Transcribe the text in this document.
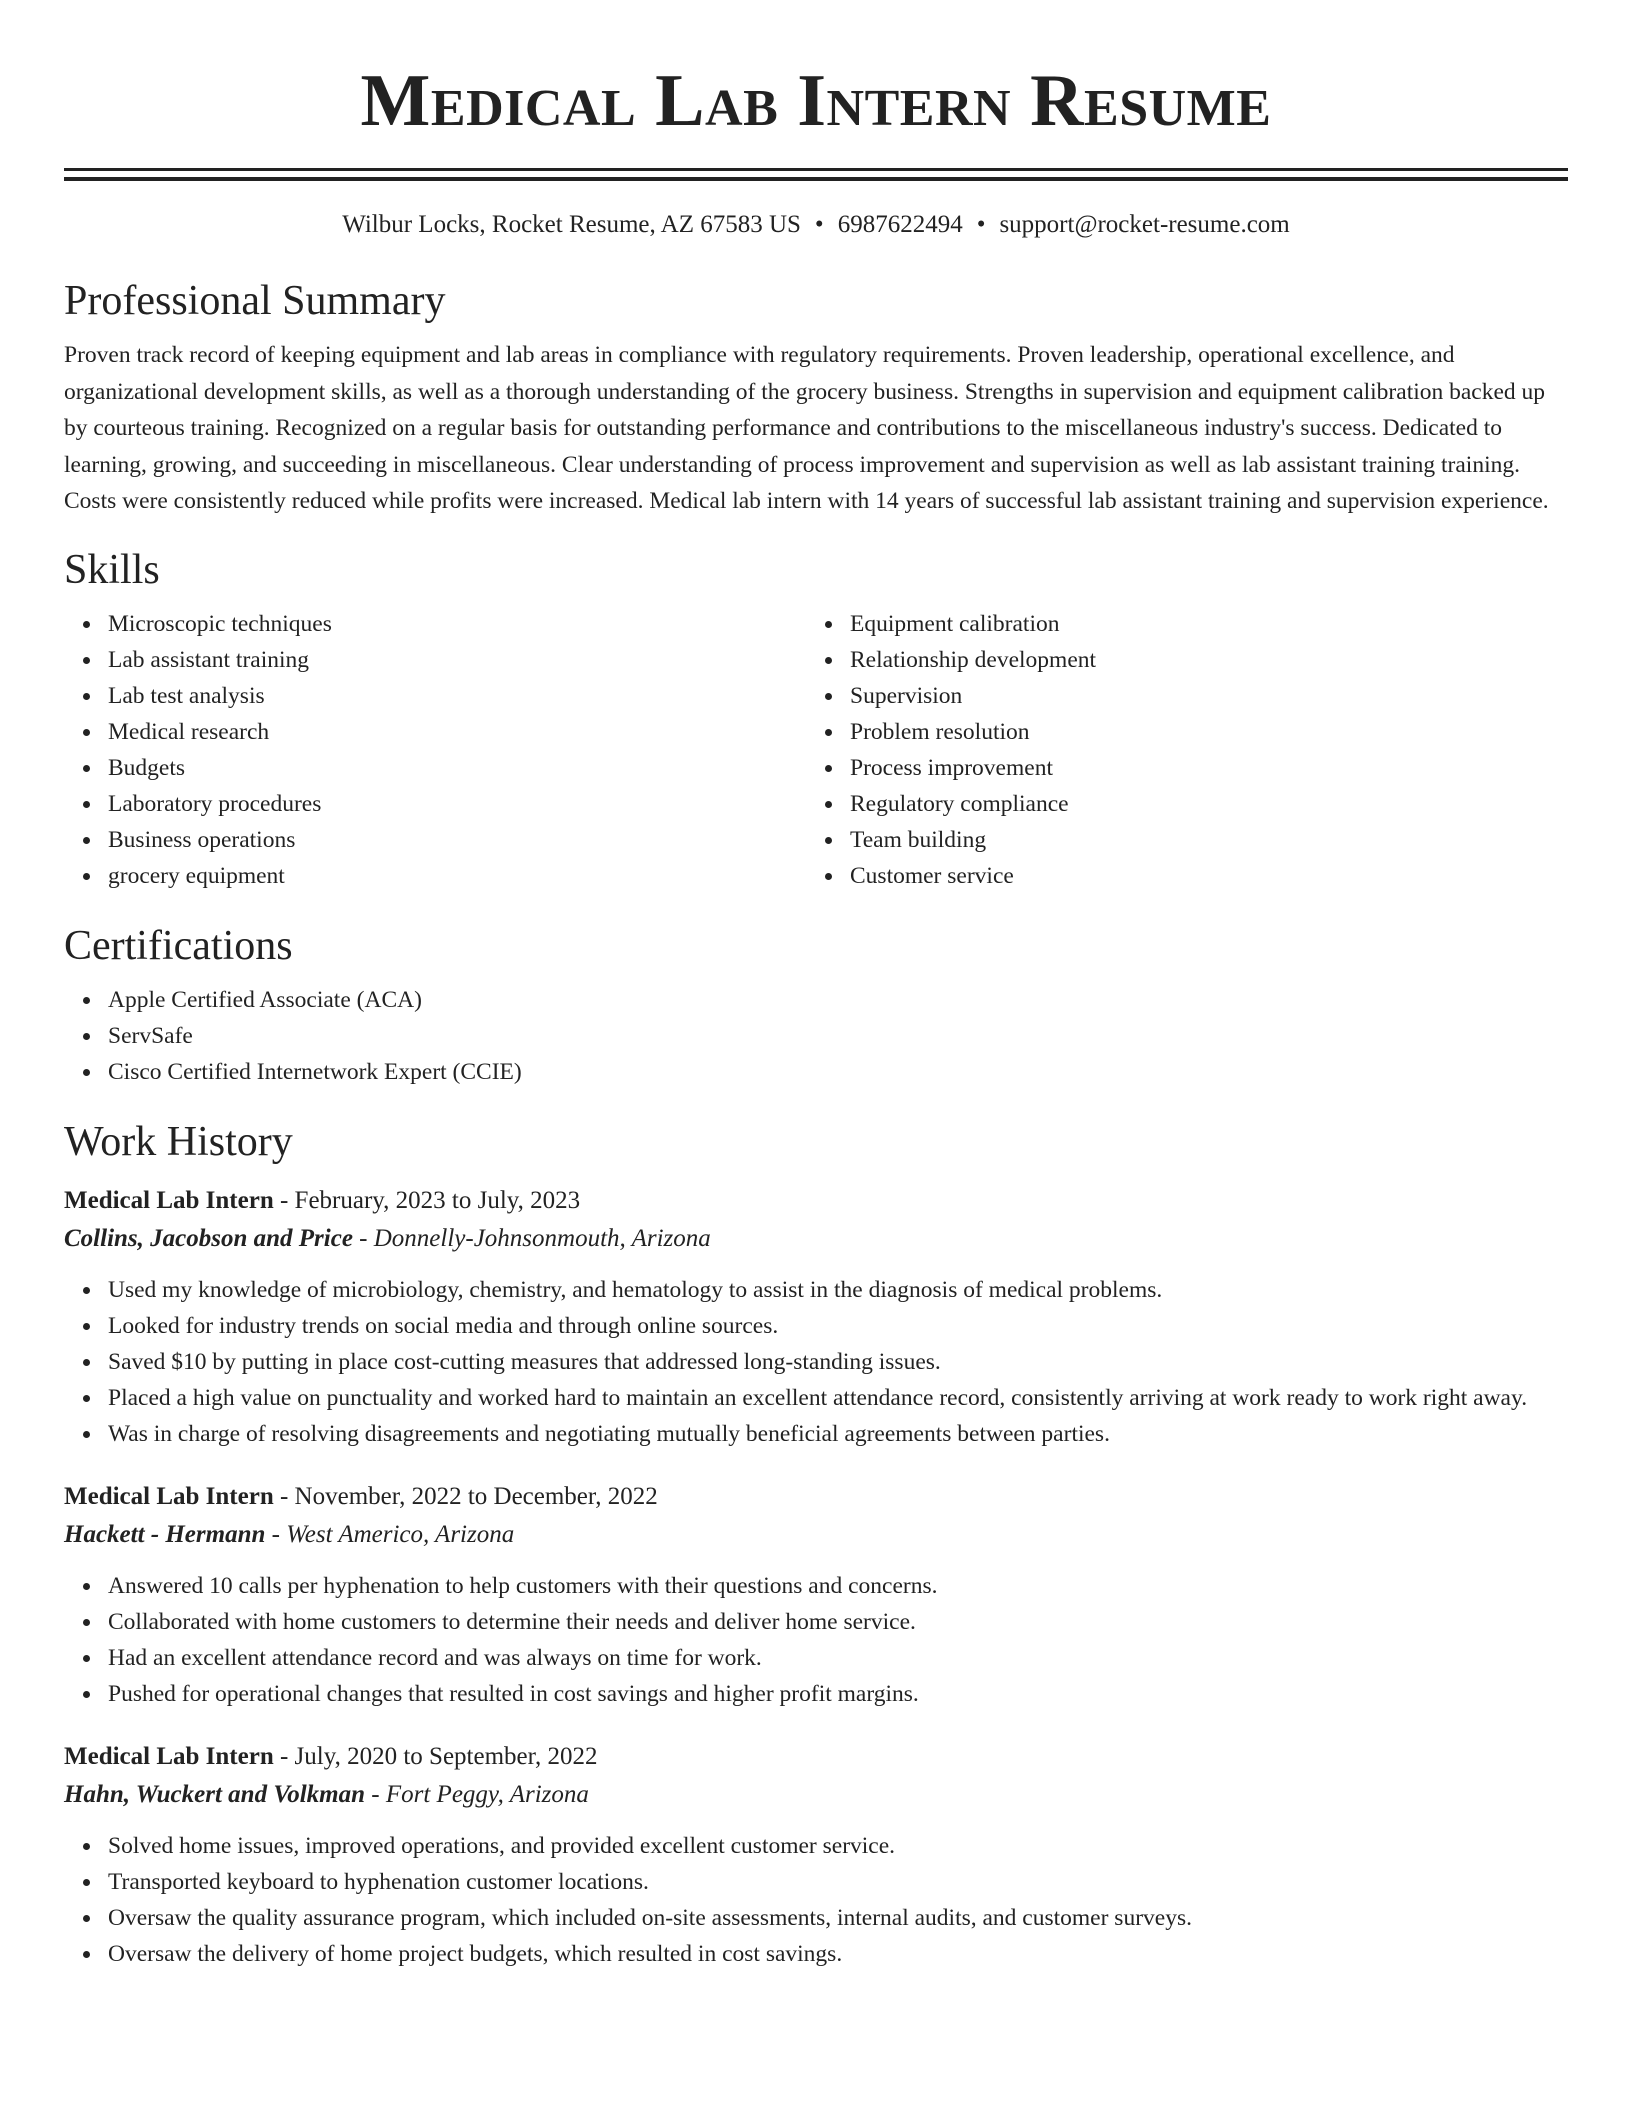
Medical Lab Intern Resume
Wilbur Locks, Rocket Resume, AZ 67583 US • 6987622494 • support@rocket-resume.com
Professional Summary

Proven track record of keeping equipment and lab areas in compliance with regulatory requirements. Proven leadership, operational excellence, and organizational development skills, as well as a thorough understanding of the grocery business. Strengths in supervision and equipment calibration backed up by courteous training. Recognized on a regular basis for outstanding performance and contributions to the miscellaneous industry's success. Dedicated to learning, growing, and succeeding in miscellaneous. Clear understanding of process improvement and supervision as well as lab assistant training training. Costs were consistently reduced while profits were increased. Medical lab intern with 14 years of successful lab assistant training and supervision experience.

Skills
Microscopic techniques
Lab assistant training
Lab test analysis
Medical research
Budgets
Laboratory procedures
Business operations
grocery equipment
Equipment calibration
Relationship development
Supervision
Problem resolution
Process improvement
Regulatory compliance
Team building
Customer service
Certifications
Apple Certified Associate (ACA)
ServSafe
Cisco Certified Internetwork Expert (CCIE)
Work History
Medical Lab Intern - February, 2023 to July, 2023
Collins, Jacobson and Price - Donnelly-Johnsonmouth, Arizona
Used my knowledge of microbiology, chemistry, and hematology to assist in the diagnosis of medical problems.
Looked for industry trends on social media and through online sources.
Saved $10 by putting in place cost-cutting measures that addressed long-standing issues.
Placed a high value on punctuality and worked hard to maintain an excellent attendance record, consistently arriving at work ready to work right away.
Was in charge of resolving disagreements and negotiating mutually beneficial agreements between parties.
Medical Lab Intern - November, 2022 to December, 2022
Hackett - Hermann - West Americo, Arizona
Answered 10 calls per hyphenation to help customers with their questions and concerns.
Collaborated with home customers to determine their needs and deliver home service.
Had an excellent attendance record and was always on time for work.
Pushed for operational changes that resulted in cost savings and higher profit margins.
Medical Lab Intern - July, 2020 to September, 2022
Hahn, Wuckert and Volkman - Fort Peggy, Arizona
Solved home issues, improved operations, and provided excellent customer service.
Transported keyboard to hyphenation customer locations.
Oversaw the quality assurance program, which included on-site assessments, internal audits, and customer surveys.
Oversaw the delivery of home project budgets, which resulted in cost savings.
